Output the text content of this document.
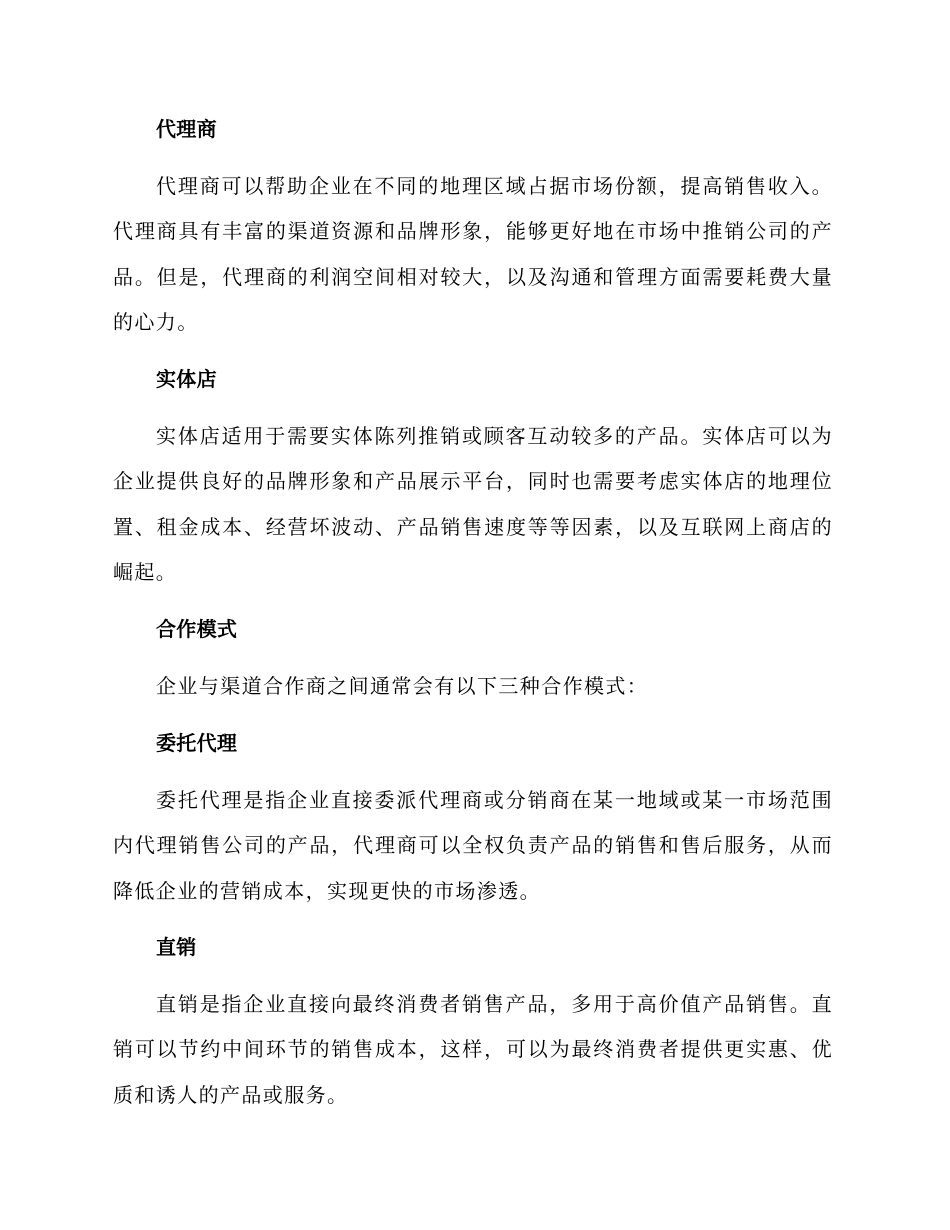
代理商
代理商可以帮助企业在不同的地理区域占据市场份额，提高销售收入。代理商具有丰富的渠道资源和品牌形象，能够更好地在市场中推销公司的产品。但是，代理商的利润空间相对较大，以及沟通和管理方面需要耗费大量的心力。
实体店
实体店适用于需要实体陈列推销或顾客互动较多的产品。实体店可以为企业提供良好的品牌形象和产品展示平台，同时也需要考虑实体店的地理位置、租金成本、经营坏波动、产品销售速度等等因素，以及互联网上商店的崛起。
合作模式
企业与渠道合作商之间通常会有以下三种合作模式：
委托代理
委托代理是指企业直接委派代理商或分销商在某一地域或某一市场范围内代理销售公司的产品，代理商可以全权负责产品的销售和售后服务，从而降低企业的营销成本，实现更快的市场渗透。
直销
直销是指企业直接向最终消费者销售产品，多用于高价值产品销售。直销可以节约中间环节的销售成本，这样，可以为最终消费者提供更实惠、优质和诱人的产品或服务。
